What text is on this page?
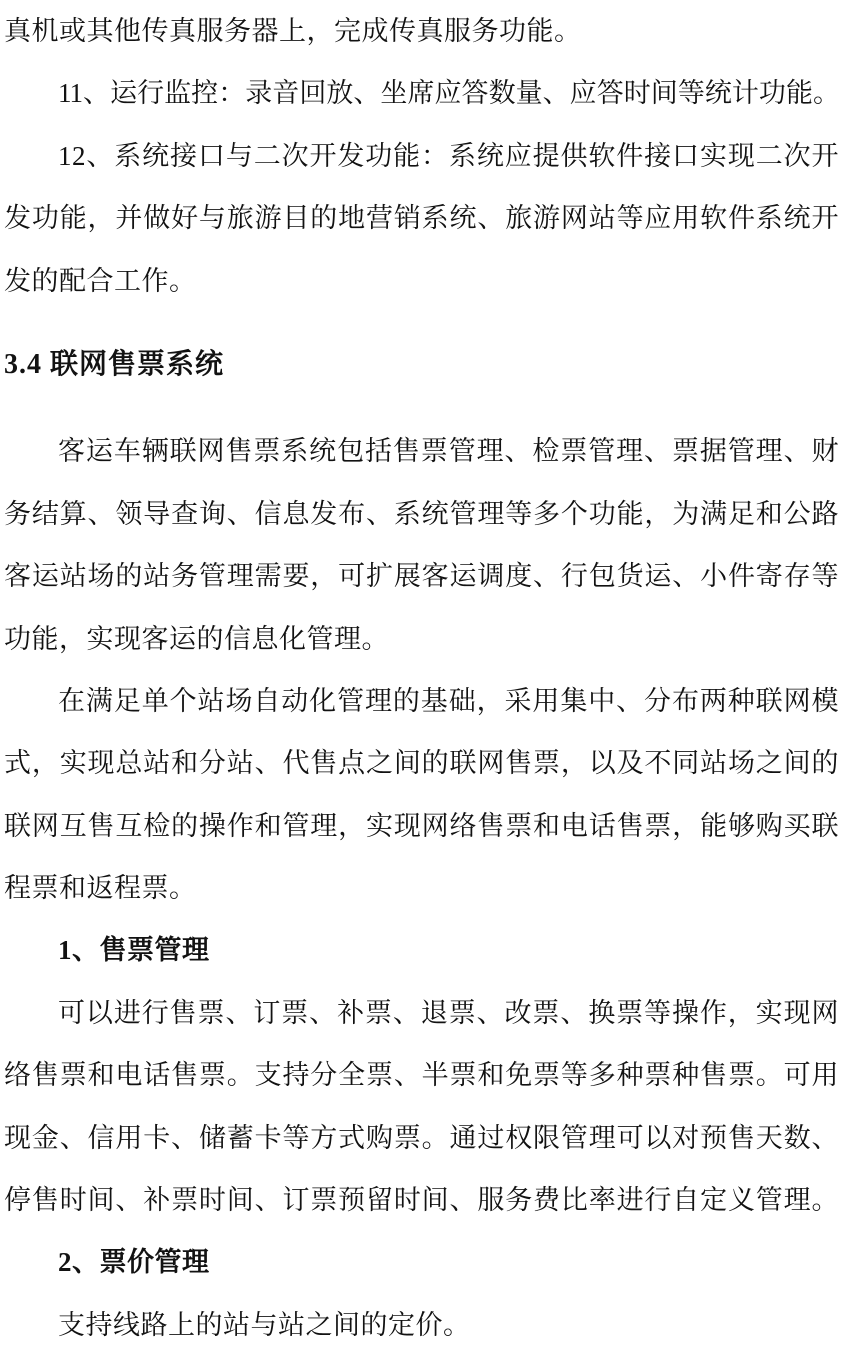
真机或其他传真服务器上，完成传真服务功能。
11、运行监控：录音回放、坐席应答数量、应答时间等统计功能。
12、系统接口与二次开发功能：系统应提供软件接口实现二次开
发功能，并做好与旅游目的地营销系统、旅游网站等应用软件系统开
发的配合工作。
3.4 联网售票系统
客运车辆联网售票系统包括售票管理、检票管理、票据管理、财
务结算、领导查询、信息发布、系统管理等多个功能，为满足和公路
客运站场的站务管理需要，可扩展客运调度、行包货运、小件寄存等
功能，实现客运的信息化管理。
在满足单个站场自动化管理的基础，采用集中、分布两种联网模
式，实现总站和分站、代售点之间的联网售票，以及不同站场之间的
联网互售互检的操作和管理，实现网络售票和电话售票，能够购买联
程票和返程票。
1、售票管理
可以进行售票、订票、补票、退票、改票、换票等操作，实现网
络售票和电话售票。支持分全票、半票和免票等多种票种售票。可用
现金、信用卡、储蓄卡等方式购票。通过权限管理可以对预售天数、
停售时间、补票时间、订票预留时间、服务费比率进行自定义管理。
2、票价管理
支持线路上的站与站之间的定价。
